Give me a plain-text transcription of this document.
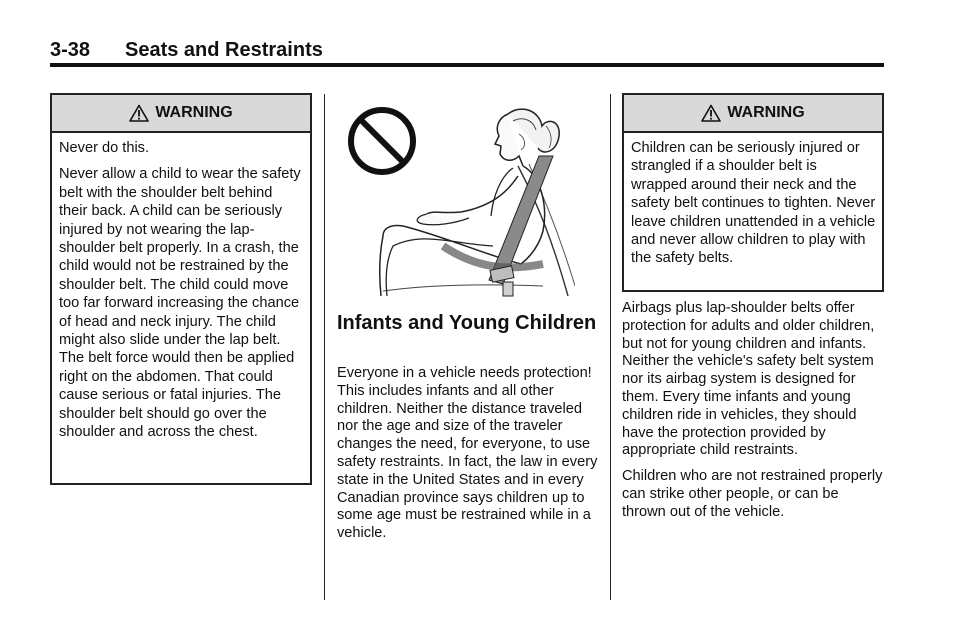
3-38 Seats and Restraints
WARNING

Never do this.

Never allow a child to wear the safety belt with the shoulder belt behind their back. A child can be seriously injured by not wearing the lap-shoulder belt properly. In a crash, the child would not be restrained by the shoulder belt. The child could move too far forward increasing the chance of head and neck injury. The child might also slide under the lap belt. The belt force would then be applied right on the abdomen. That could cause serious or fatal injuries. The shoulder belt should go over the shoulder and across the chest.

Infants and Young Children

Everyone in a vehicle needs protection! This includes infants and all other children. Neither the distance traveled nor the age and size of the traveler changes the need, for everyone, to use safety restraints. In fact, the law in every state in the United States and in every Canadian province says children up to some age must be restrained while in a vehicle.

WARNING

Children can be seriously injured or strangled if a shoulder belt is wrapped around their neck and the safety belt continues to tighten. Never leave children unattended in a vehicle and never allow children to play with the safety belts.

Airbags plus lap-shoulder belts offer protection for adults and older children, but not for young children and infants. Neither the vehicle's safety belt system nor its airbag system is designed for them. Every time infants and young children ride in vehicles, they should have the protection provided by appropriate child restraints.

Children who are not restrained properly can strike other people, or can be thrown out of the vehicle.
